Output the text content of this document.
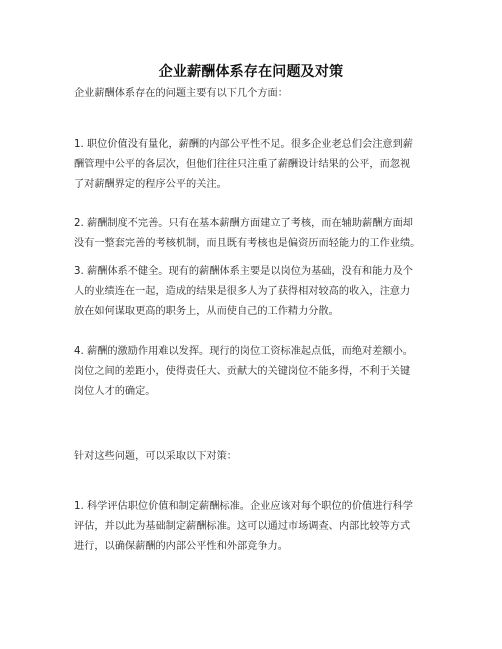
企业薪酬体系存在问题及对策

企业薪酬体系存在的问题主要有以下几个方面：

1. 职位价值没有量化，薪酬的内部公平性不足。很多企业老总们会注意到薪
酬管理中公平的各层次，但他们往往只注重了薪酬设计结果的公平，而忽视
了对薪酬界定的程序公平的关注。

2. 薪酬制度不完善。只有在基本薪酬方面建立了考核，而在辅助薪酬方面却
没有一整套完善的考核机制，而且既有考核也是偏资历而轻能力的工作业绩。

3. 薪酬体系不健全。现有的薪酬体系主要是以岗位为基础，没有和能力及个
人的业绩连在一起，造成的结果是很多人为了获得相对较高的收入，注意力
放在如何谋取更高的职务上，从而使自己的工作精力分散。

4. 薪酬的激励作用难以发挥。现行的岗位工资标准起点低，而绝对差额小。
岗位之间的差距小，使得责任大、贡献大的关键岗位不能多得，不利于关键
岗位人才的确定。

针对这些问题，可以采取以下对策：

1. 科学评估职位价值和制定薪酬标准。企业应该对每个职位的价值进行科学
评估，并以此为基础制定薪酬标准。这可以通过市场调查、内部比较等方式
进行，以确保薪酬的内部公平性和外部竞争力。
